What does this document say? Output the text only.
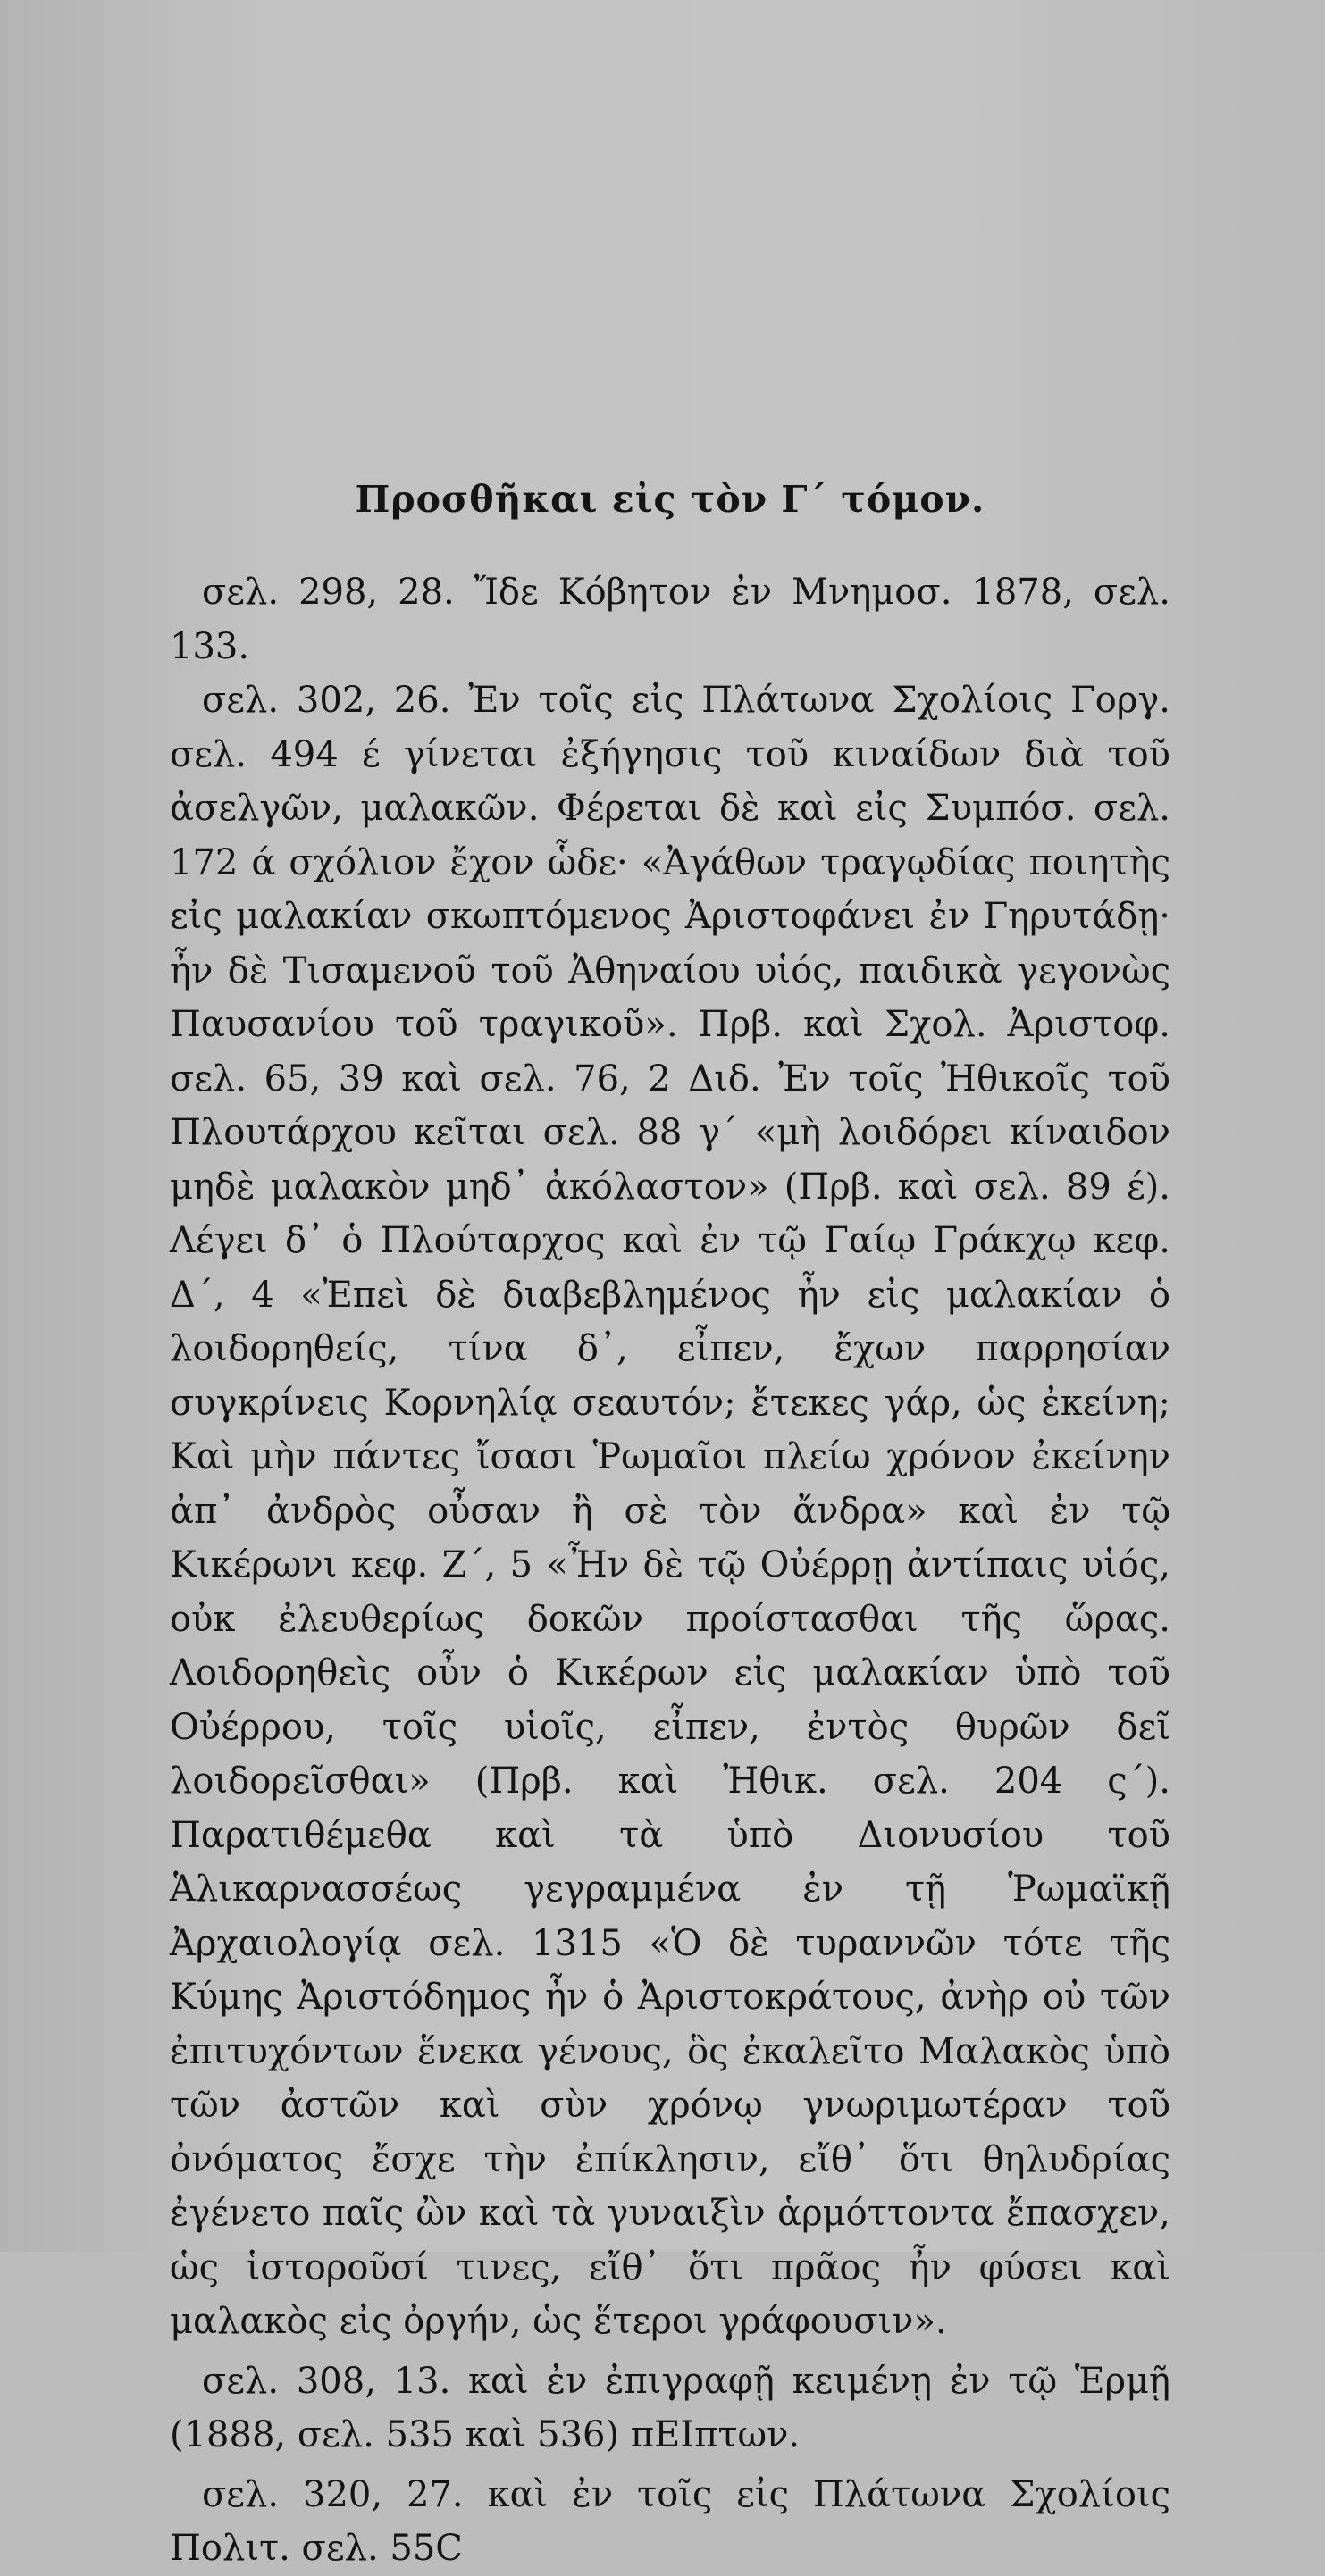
Προσθῆκαι εἰς τὸν Γ΄ τόμον.

σελ. 298, 28. Ἴδε Κόβητον ἐν Μνημοσ. 1878, σελ. 133.

σελ. 302, 26. Ἐν τοῖς εἰς Πλάτωνα Σχολίοις Γοργ. σελ. 494 έ γίνεται ἐξήγησις τοῦ κιναίδων διὰ τοῦ ἀσελγῶν, μαλακῶν. Φέρεται δὲ καὶ εἰς Συμπόσ. σελ. 172 ά σχόλιον ἔχον ὧδε· «Ἀγάθων τραγῳδίας ποιητὴς εἰς μαλακίαν σκωπτόμενος Ἀριστοφάνει ἐν Γηρυτάδῃ· ἦν δὲ Τισαμενοῦ τοῦ Ἀθηναίου υἱός, παιδικὰ γεγονὼς Παυσανίου τοῦ τραγικοῦ». Πρβ. καὶ Σχολ. Ἀριστοφ. σελ. 65, 39 καὶ σελ. 76, 2 Διδ. Ἐν τοῖς Ἠθικοῖς τοῦ Πλουτάρχου κεῖται σελ. 88 γ΄ «μὴ λοιδόρει κίναιδον μηδὲ μαλακὸν μηδ᾽ ἀκόλαστον» (Πρβ. καὶ σελ. 89 έ). Λέγει δ᾽ ὁ Πλούταρχος καὶ ἐν τῷ Γαίῳ Γράκχῳ κεφ. Δ΄, 4 «Ἐπεὶ δὲ διαβεβλημένος ἦν εἰς μαλακίαν ὁ λοιδορηθείς, τίνα δ᾽, εἶπεν, ἔχων παρρησίαν συγκρίνεις Κορνηλίᾳ σεαυτόν; ἔτεκες γάρ, ὡς ἐκείνη; Καὶ μὴν πάντες ἴσασι Ῥωμαῖοι πλείω χρόνον ἐκείνην ἀπ᾽ ἀνδρὸς οὖσαν ἢ σὲ τὸν ἄνδρα» καὶ ἐν τῷ Κικέρωνι κεφ. Ζ΄, 5 «Ἦν δὲ τῷ Οὐέρρῃ ἀντίπαις υἱός, οὐκ ἐλευθερίως δοκῶν προίστασθαι τῆς ὥρας. Λοιδορηθεὶς οὖν ὁ Κικέρων εἰς μαλακίαν ὑπὸ τοῦ Οὐέρρου, τοῖς υἱοῖς, εἶπεν, ἐντὸς θυρῶν δεῖ λοιδορεῖσθαι» (Πρβ. καὶ Ἠθικ. σελ. 204 ς΄). Παρατιθέμεθα καὶ τὰ ὑπὸ Διονυσίου τοῦ Ἁλικαρνασσέως γεγραμμένα ἐν τῇ Ῥωμαϊκῇ Ἀρχαιολογίᾳ σελ. 1315 «Ὁ δὲ τυραννῶν τότε τῆς Κύμης Ἀριστόδημος ἦν ὁ Ἀριστοκράτους, ἀνὴρ οὐ τῶν ἐπιτυχόντων ἕνεκα γένους, ὃς ἐκαλεῖτο Μαλακὸς ὑπὸ τῶν ἀστῶν καὶ σὺν χρόνῳ γνωριμωτέραν τοῦ ὀνόματος ἔσχε τὴν ἐπίκλησιν, εἴθ᾽ ὅτι θηλυδρίας ἐγένετο παῖς ὢν καὶ τὰ γυναιξὶν ἁρμόττοντα ἔπασχεν, ὡς ἱστοροῦσί τινες, εἴθ᾽ ὅτι πρᾶος ἦν φύσει καὶ μαλακὸς εἰς ὀργήν, ὡς ἕτεροι γράφουσιν».

σελ. 308, 13. καὶ ἐν ἐπιγραφῇ κειμένῃ ἐν τῷ Ἑρμῇ (1888, σελ. 535 καὶ 536) πΕΙπτων.

σελ. 320, 27. καὶ ἐν τοῖς εἰς Πλάτωνα Σχολίοις Πολιτ. σελ. 55C
